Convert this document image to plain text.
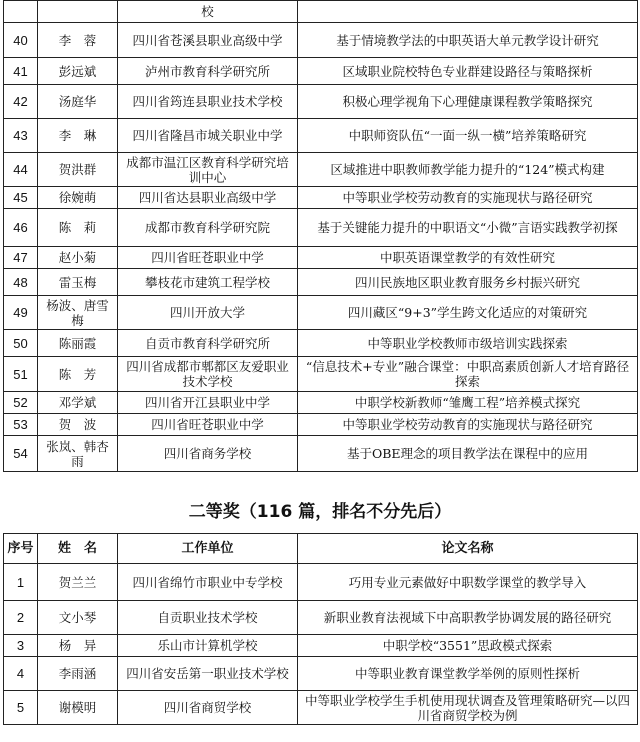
		校	
40	李　蓉	四川省苍溪县职业高级中学	基于情境教学法的中职英语大单元教学设计研究
41	彭远斌	泸州市教育科学研究所	区域职业院校特色专业群建设路径与策略探析
42	汤庭华	四川省筠连县职业技术学校	积极心理学视角下心理健康课程教学策略探究
43	李　琳	四川省隆昌市城关职业中学	中职师资队伍“一面一纵一横”培养策略研究
44	贺洪群	成都市温江区教育科学研究培训中心	区域推进中职教师教学能力提升的“124”模式构建
45	徐婉萌	四川省达县职业高级中学	中等职业学校劳动教育的实施现状与路径研究
46	陈　莉	成都市教育科学研究院	基于关键能力提升的中职语文“小微”言语实践教学初探
47	赵小菊	四川省旺苍职业中学	中职英语课堂教学的有效性研究
48	雷玉梅	攀枝花市建筑工程学校	四川民族地区职业教育服务乡村振兴研究
49	杨波、唐雪梅	四川开放大学	四川藏区“9+3”学生跨文化适应的对策研究
50	陈丽霞	自贡市教育科学研究所	中等职业学校教师市级培训实践探索
51	陈　芳	四川省成都市郫都区友爱职业技术学校	“信息技术+专业”融合课堂：中职高素质创新人才培育路径探索
52	邓学斌	四川省开江县职业中学	中职学校新教师“雏鹰工程”培养模式探究
53	贺　波	四川省旺苍职业中学	中等职业学校劳动教育的实施现状与路径研究
54	张岚、韩杏雨	四川省商务学校	基于OBE理念的项目教学法在课程中的应用
二等奖（116 篇，排名不分先后）
序号	姓　名	工作单位	论文名称
1	贺兰兰	四川省绵竹市职业中专学校	巧用专业元素做好中职数学课堂的教学导入
2	文小琴	自贡职业技术学校	新职业教育法视域下中高职教学协调发展的路径研究
3	杨　异	乐山市计算机学校	中职学校“3551”思政模式探索
4	李雨涵	四川省安岳第一职业技术学校	中等职业教育课堂教学举例的原则性探析
5	谢模明	四川省商贸学校	中等职业学校学生手机使用现状调查及管理策略研究—以四川省商贸学校为例
